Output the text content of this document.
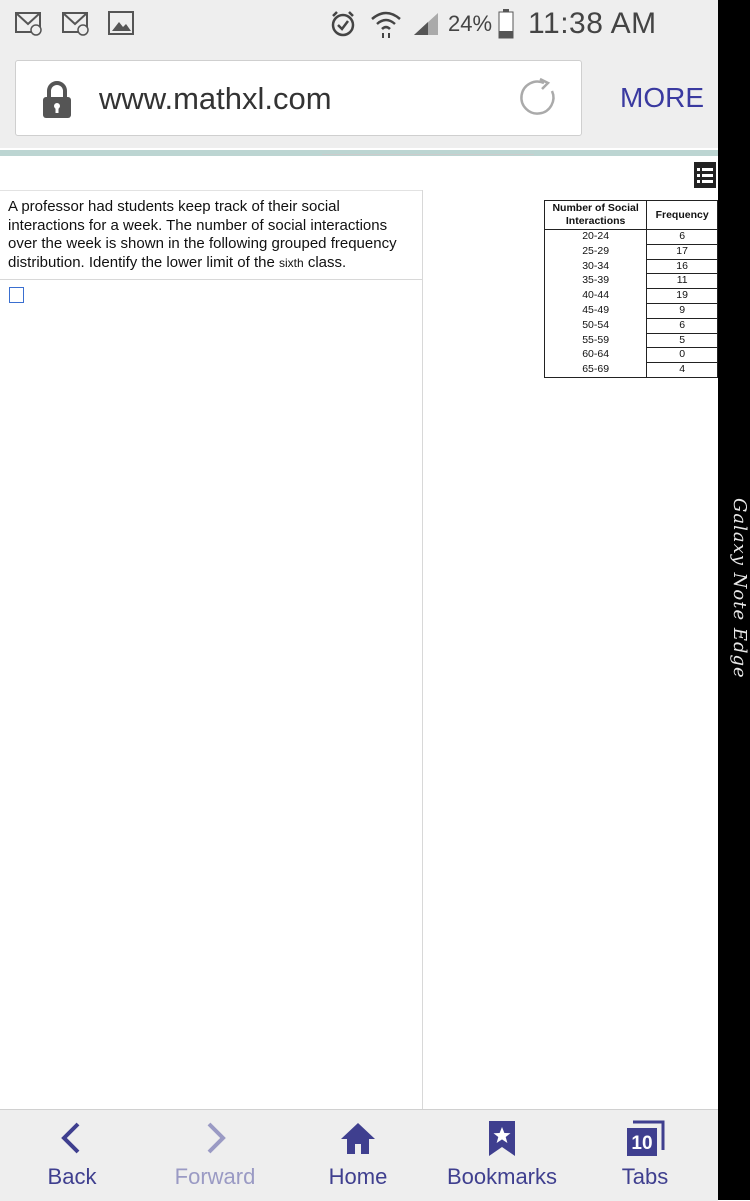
24% 11:38 AM
www.mathxl.com	MORE
A professor had students keep track of their social interactions for a week. The number of social interactions over the week is shown in the following grouped frequency distribution. Identify the lower limit of the sixth class.
Number of Social Interactions	Frequency
20-24	6
25-29	17
30-34	16
35-39	11
40-44	19
45-49	9
50-54	6
55-59	5
60-64	0
65-69	4
Back	Forward	Home	Bookmarks
10
Tabs
Galaxy Note Edge
